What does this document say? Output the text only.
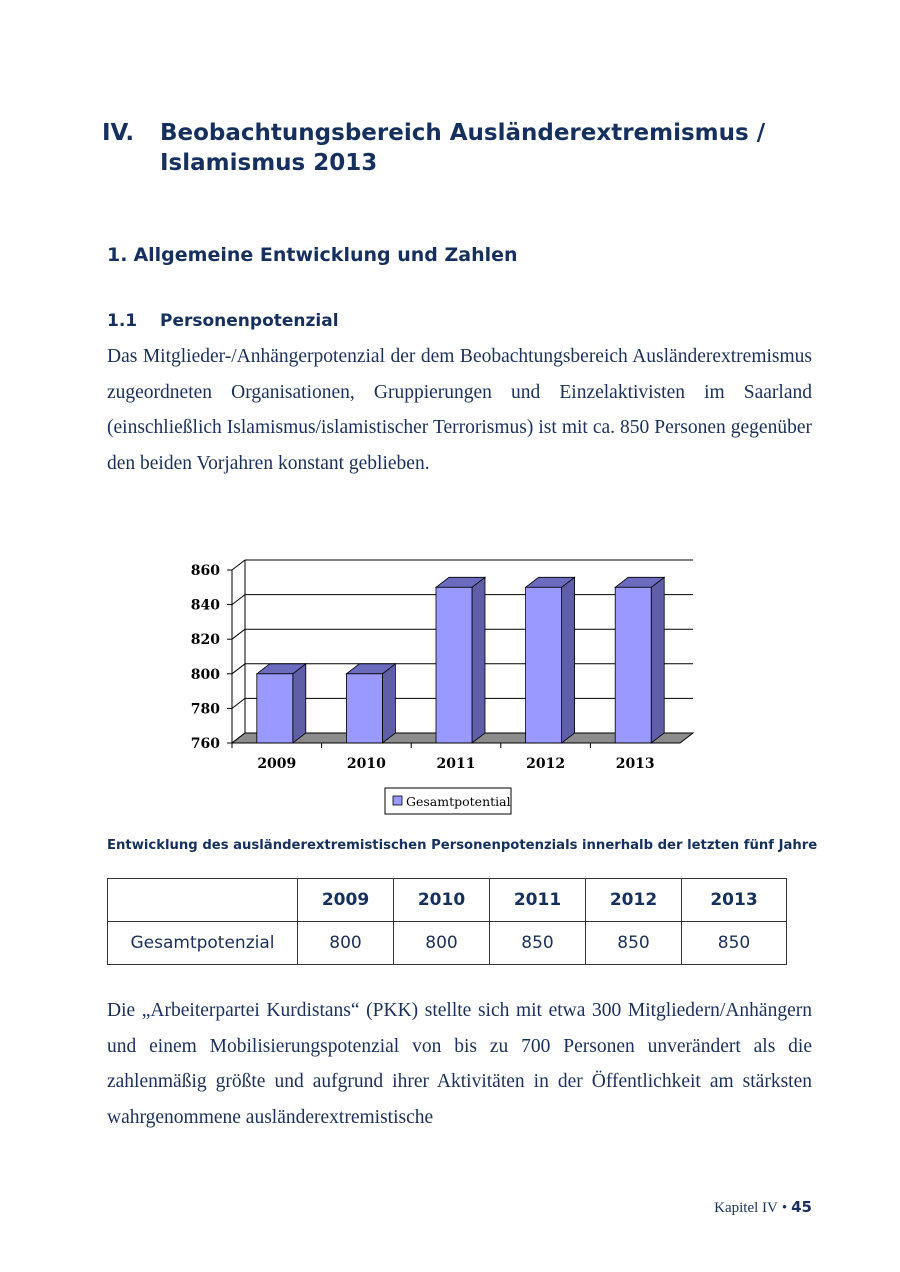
IV.	Beobachtungsbereich Ausländerextremismus / Islamismus 2013
1. Allgemeine Entwicklung und Zahlen
1.1	Personenpotenzial

Das Mitglieder-/Anhängerpotenzial der dem Beobachtungsbereich Ausländerextremismus zugeordneten Organisationen, Gruppierungen und Einzelaktivisten im Saarland (einschließlich Islamismus/islamistischer Terrorismus) ist mit ca. 850 Personen gegenüber den beiden Vorjahren konstant geblieben.

860
840
820
800
780
760
2009	2010	2011	2012	2013
Gesamtpotential
Entwicklung des ausländerextremistischen Personenpotenzials innerhalb der letzten fünf Jahre
	2009	2010	2011	2012	2013
Gesamtpotenzial	800	800	850	850	850

Die „Arbeiterpartei Kurdistans“ (PKK) stellte sich mit etwa 300 Mitgliedern/Anhängern und einem Mobilisierungspotenzial von bis zu 700 Personen unverändert als die zahlenmäßig größte und aufgrund ihrer Aktivitäten in der Öffentlichkeit am stärksten wahrgenommene ausländerextremistische

Kapitel IV • 45
